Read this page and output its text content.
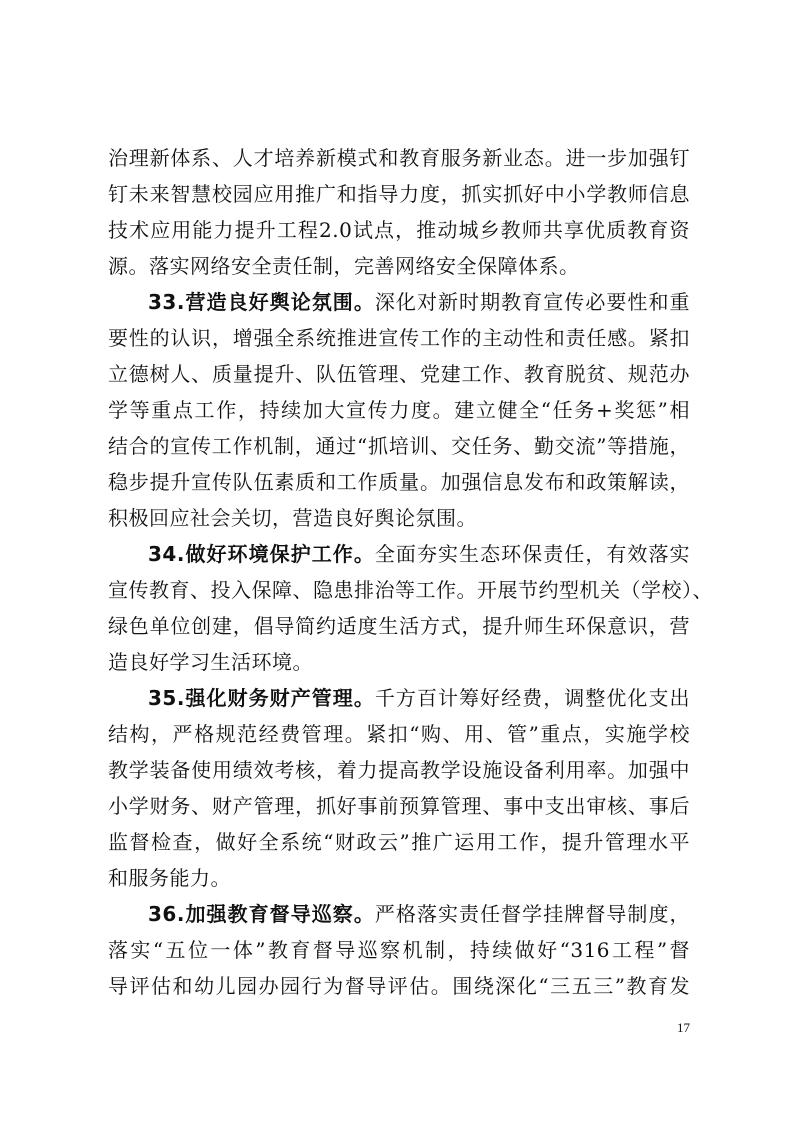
治理新体系、人才培养新模式和教育服务新业态。进一步加强钉
钉未来智慧校园应用推广和指导力度，抓实抓好中小学教师信息
技术应用能力提升工程2.0试点，推动城乡教师共享优质教育资
源。落实网络安全责任制，完善网络安全保障体系。
33.营造良好舆论氛围。深化对新时期教育宣传必要性和重
要性的认识，增强全系统推进宣传工作的主动性和责任感。紧扣
立德树人、质量提升、队伍管理、党建工作、教育脱贫、规范办
学等重点工作，持续加大宣传力度。建立健全“任务+奖惩”相
结合的宣传工作机制，通过“抓培训、交任务、勤交流”等措施，
稳步提升宣传队伍素质和工作质量。加强信息发布和政策解读，
积极回应社会关切，营造良好舆论氛围。
34.做好环境保护工作。全面夯实生态环保责任，有效落实
宣传教育、投入保障、隐患排治等工作。开展节约型机关（学校）、
绿色单位创建，倡导简约适度生活方式，提升师生环保意识，营
造良好学习生活环境。
35.强化财务财产管理。千方百计筹好经费，调整优化支出
结构，严格规范经费管理。紧扣“购、用、管”重点，实施学校
教学装备使用绩效考核，着力提高教学设施设备利用率。加强中
小学财务、财产管理，抓好事前预算管理、事中支出审核、事后
监督检查，做好全系统“财政云”推广运用工作，提升管理水平
和服务能力。
36.加强教育督导巡察。严格落实责任督学挂牌督导制度，
落实“五位一体”教育督导巡察机制，持续做好“316工程”督
导评估和幼儿园办园行为督导评估。围绕深化“三五三”教育发
17
